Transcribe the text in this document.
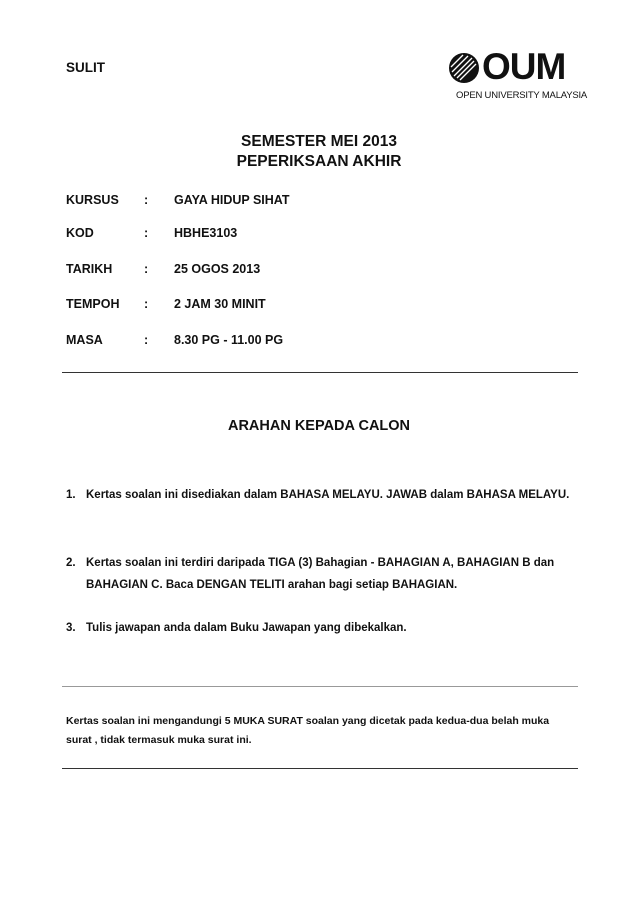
SULIT	OUM
OPEN UNIVERSITY MALAYSIA
SEMESTER MEI 2013
PEPERIKSAAN AKHIR
KURSUS : GAYA HIDUP SIHAT
KOD	: HBHE3103
TARIKH	: 25 OGOS 2013
TEMPOH : 2 JAM 30 MINIT
MASA	: 8.30 PG - 11.00 PG
ARAHAN KEPADA CALON
1. Kertas soalan ini disediakan dalam BAHASA MELAYU. JAWAB dalam BAHASA MELAYU.
2. Kertas soalan ini terdiri daripada TIGA (3) Bahagian - BAHAGIAN A, BAHAGIAN B dan BAHAGIAN C. Baca DENGAN TELITI arahan bagi setiap BAHAGIAN.
3. Tulis jawapan anda dalam Buku Jawapan yang dibekalkan.
Kertas soalan ini mengandungi 5 MUKA SURAT soalan yang dicetak pada kedua-dua belah muka surat , tidak termasuk muka surat ini.
